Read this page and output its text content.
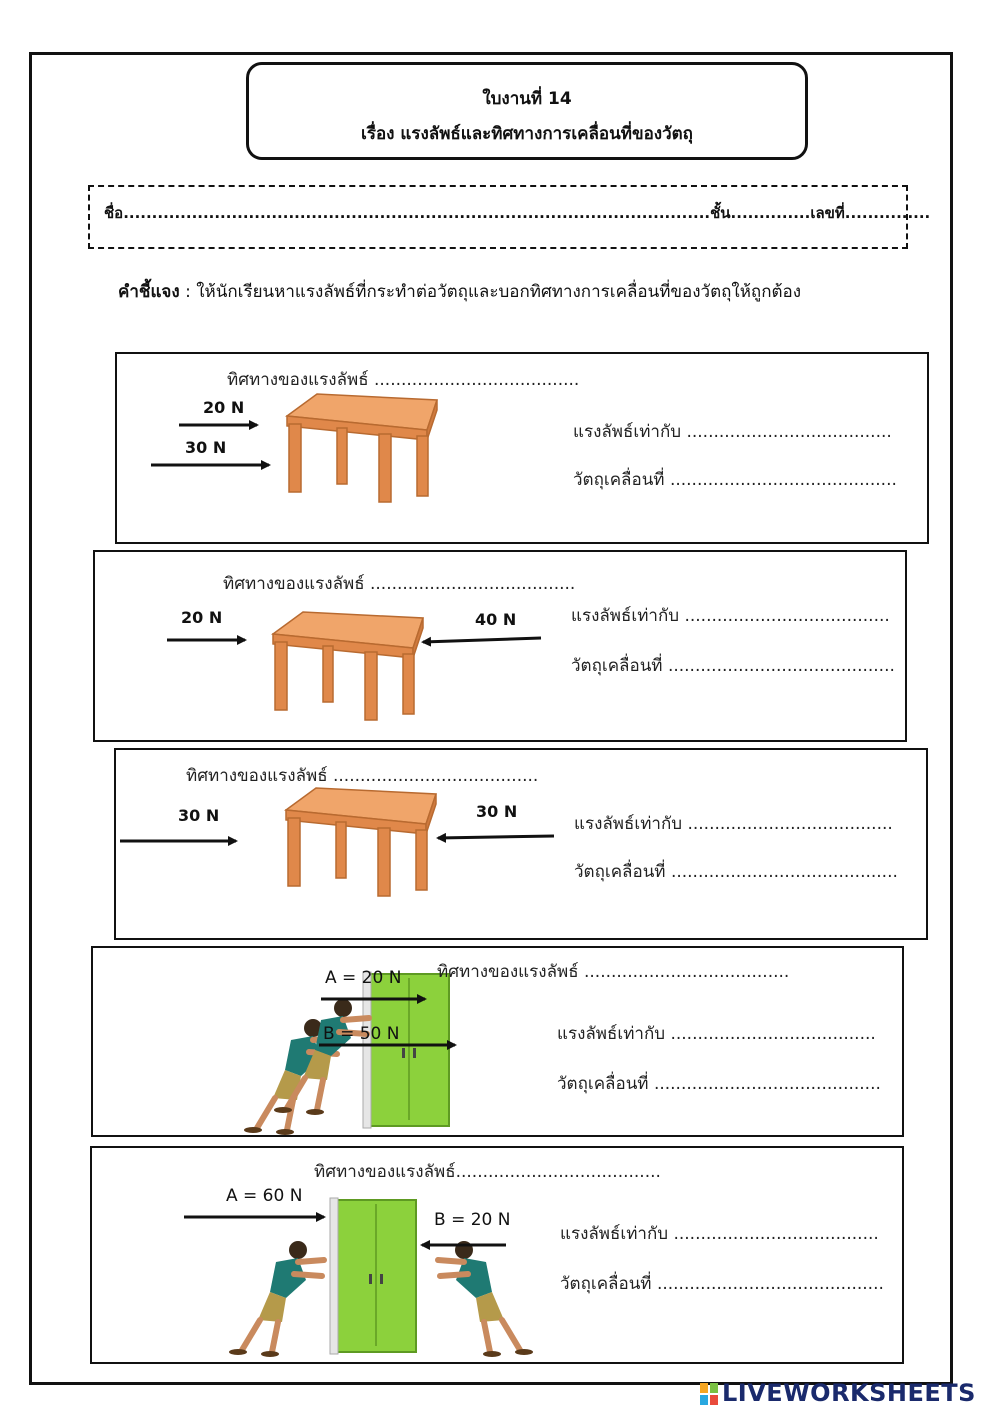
ใบงานที่ 14
เรื่อง แรงลัพธ์และทิศทางการเคลื่อนที่ของวัตถุ
ชื่อ.......................................................................................................ชั้น..............เลขที่...............
คำชี้แจง : ให้นักเรียนหาแรงลัพธ์ที่กระทำต่อวัตถุและบอกทิศทางการเคลื่อนที่ของวัตถุให้ถูกต้อง
ทิศทางของแรงลัพธ์ ......................................
20 N
30 N
แรงลัพธ์เท่ากับ ......................................
วัตถุเคลื่อนที่ ..........................................
ทิศทางของแรงลัพธ์ ......................................
20 N	40 N	แรงลัพธ์เท่ากับ ......................................
วัตถุเคลื่อนที่ ..........................................
ทิศทางของแรงลัพธ์ ......................................
30 N	30 N
แรงลัพธ์เท่ากับ ......................................
วัตถุเคลื่อนที่ ..........................................
A = 20 N
B = 50 N
ทิศทางของแรงลัพธ์ ......................................
แรงลัพธ์เท่ากับ ......................................
วัตถุเคลื่อนที่ ..........................................
A = 60 N
B = 20 N
ทิศทางของแรงลัพธ์......................................
แรงลัพธ์เท่ากับ ......................................
วัตถุเคลื่อนที่ ..........................................
LIVEWORKSHEETS
